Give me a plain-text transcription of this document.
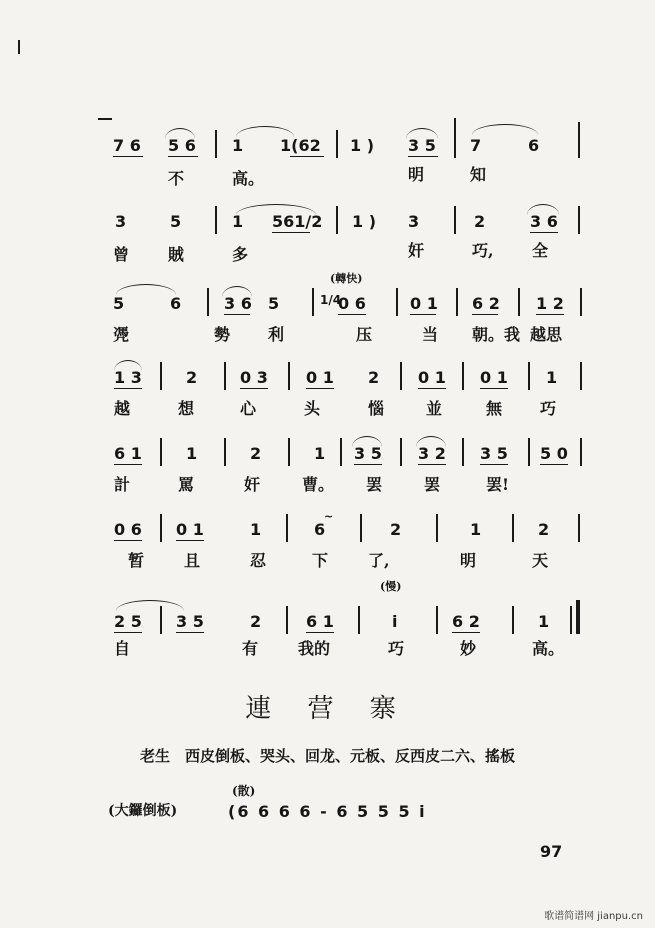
7 6 5 6 1 1(62 1 ) 3 5 7	6
不	高。	明	知
3	5	1 561/2 1 ) 3	2	3 6
曾 賊	多	奸	巧, 全
(轉快)
5	6	3 6 5	1/4
0 6	0 1 6 2 1 2
凴	勢 利	压	当 朝。我 越思
1 3	2	0 3 0 1 2 0 1 0 1 1
越	想	心	头	惱	並	無 巧
6 1	1	2	1 3 5 3 2 3 5 5 0
計	罵	奸	曹。 罢	罢	罢!
0 6 0 1	1	6
~
2	1	2
暂 且	忍	下 了,	明	天
(慢)
2 5 3 5	2	6 1	i	6 2	1
自	有 我的	巧	妙	高。
連 营 寨
老生　西皮倒板、哭头、回龙、元板、反西皮二六、搖板
(散)
(大鑼倒板)	(6 6 6 6 - 6 5 5 5 i
97
歌谱简谱网 jianpu.cn
